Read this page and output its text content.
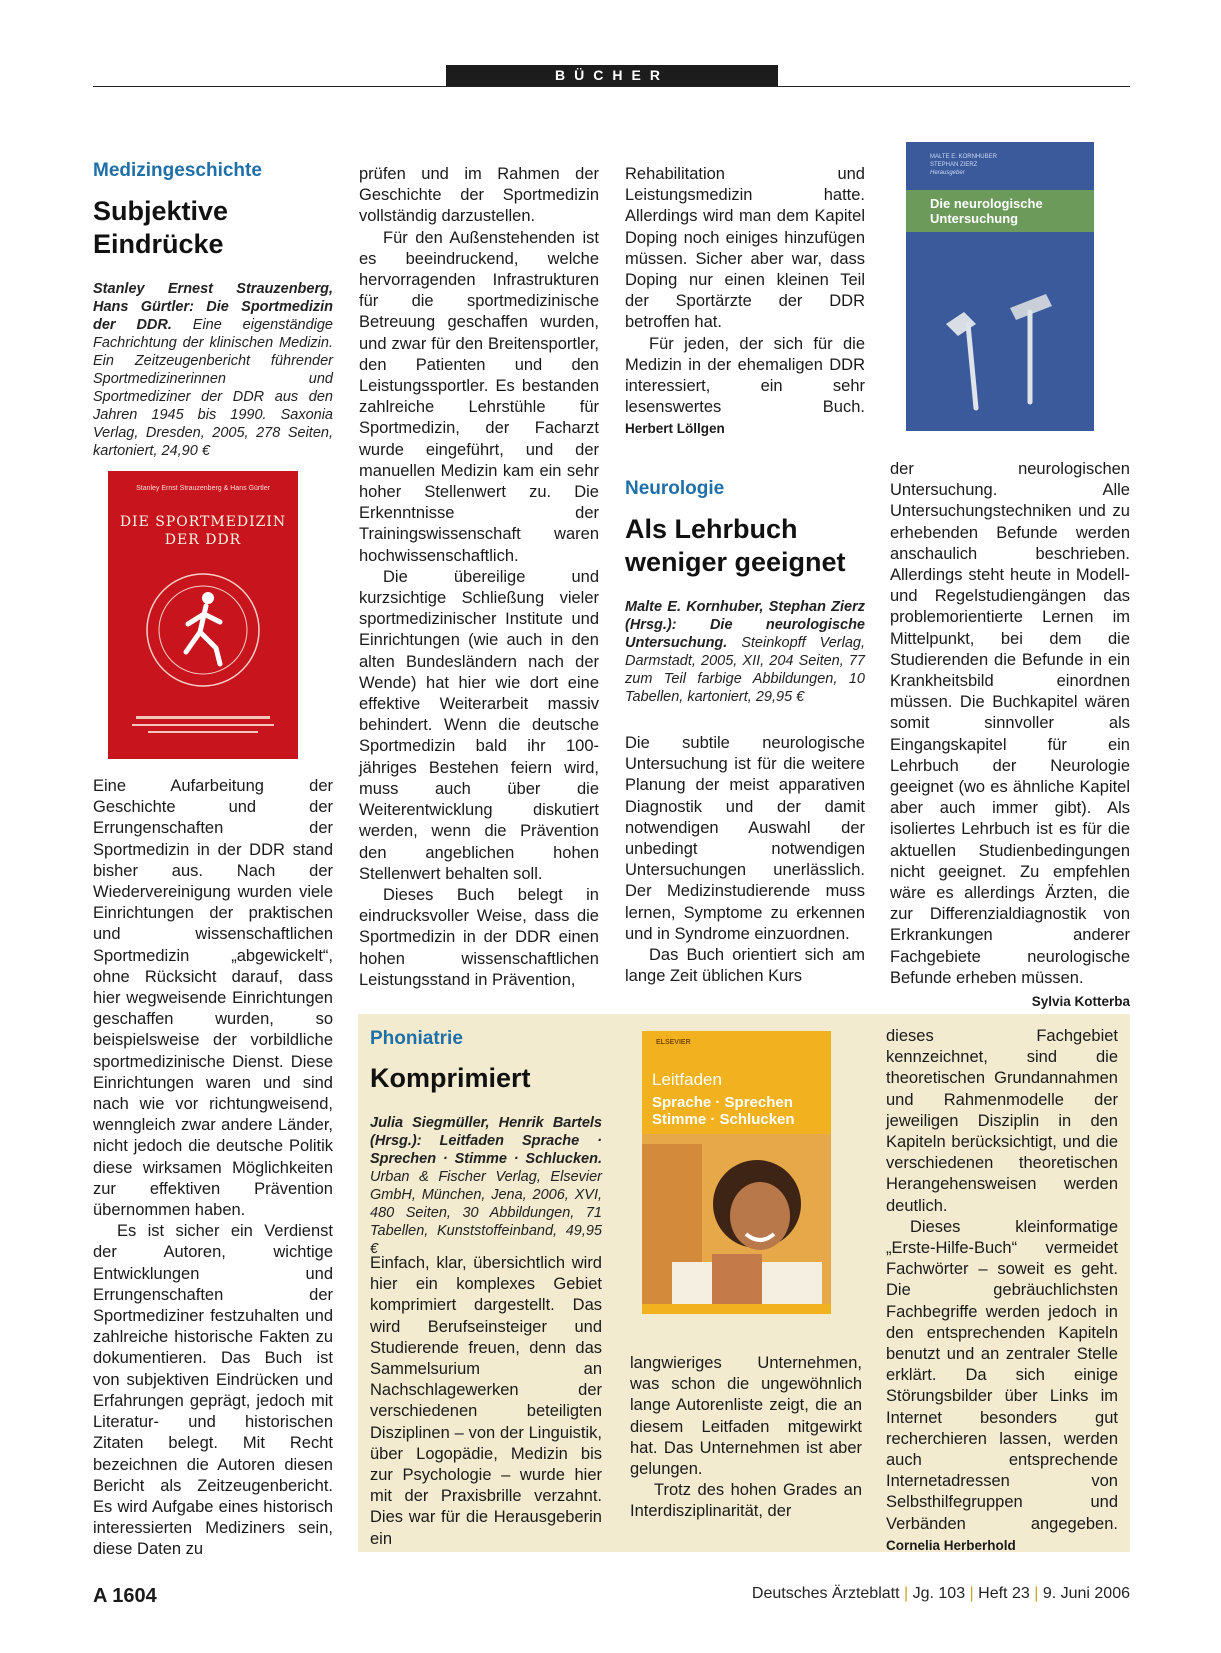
BÜCHER
Medizingeschichte
Subjektive
Eindrücke
Stanley Ernest Strauzenberg, Hans Gürtler: Die Sportmedizin der DDR. Eine eigenständige Fachrichtung der klinischen Medizin. Ein Zeitzeugenbericht führender Sportmedizinerinnen und Sportmediziner der DDR aus den Jahren 1945 bis 1990. Saxonia Verlag, Dresden, 2005, 278 Seiten, kartoniert, 24,90 €
Stanley Ernst Strauzenberg & Hans Gürtler
DIE SPORTMEDIZIN
DER DDR

Eine Aufarbeitung der Geschichte und der Errungenschaften der Sportmedizin in der DDR stand bisher aus. Nach der Wiedervereinigung wurden viele Einrichtungen der praktischen und wissenschaftlichen Sportmedizin „abgewickelt“, ohne Rücksicht darauf, dass hier wegweisende Einrichtungen geschaffen wurden, so beispielsweise der vorbildliche sportmedizinische Dienst. Diese Einrichtungen waren und sind nach wie vor richtungweisend, wenngleich zwar andere Länder, nicht jedoch die deutsche Politik diese wirksamen Möglichkeiten zur effektiven Prävention übernommen haben.

Es ist sicher ein Verdienst der Autoren, wichtige Entwicklungen und Errungenschaften der Sportmediziner festzuhalten und zahlreiche historische Fakten zu dokumentieren. Das Buch ist von subjektiven Eindrücken und Erfahrungen geprägt, jedoch mit Literatur- und historischen Zitaten belegt. Mit Recht bezeichnen die Autoren diesen Bericht als Zeitzeugenbericht. Es wird Aufgabe eines historisch interessierten Mediziners sein, diese Daten zu

prüfen und im Rahmen der Geschichte der Sportmedizin vollständig darzustellen.

Für den Außenstehenden ist es beeindruckend, welche hervorragenden Infrastrukturen für die sportmedizinische Betreuung geschaffen wurden, und zwar für den Breitensportler, den Patienten und den Leistungssportler. Es bestanden zahlreiche Lehrstühle für Sportmedizin, der Facharzt wurde eingeführt, und der manuellen Medizin kam ein sehr hoher Stellenwert zu. Die Erkenntnisse der Trainingswissenschaft waren hochwissenschaftlich.

Die übereilige und kurzsichtige Schließung vieler sportmedizinischer Institute und Einrichtungen (wie auch in den alten Bundesländern nach der Wende) hat hier wie dort eine effektive Weiterarbeit massiv behindert. Wenn die deutsche Sportmedizin bald ihr 100-jähriges Bestehen feiern wird, muss auch über die Weiterentwicklung diskutiert werden, wenn die Prävention den angeblichen hohen Stellenwert behalten soll.

Dieses Buch belegt in eindrucksvoller Weise, dass die Sportmedizin in der DDR einen hohen wissenschaftlichen Leistungsstand in Prävention,

Rehabilitation und Leistungsmedizin hatte. Allerdings wird man dem Kapitel Doping noch einiges hinzufügen müssen. Sicher aber war, dass Doping nur einen kleinen Teil der Sportärzte der DDR betroffen hat.

Für jeden, der sich für die Medizin in der ehemaligen DDR interessiert, ein sehr lesenswertes Buch. Herbert Löllgen

MALTE E. KORNHUBER
STEPHAN ZIERZ
Herausgeber
Die neurologische
Untersuchung
Neurologie
Als Lehrbuch
weniger geeignet
Malte E. Kornhuber, Stephan Zierz (Hrsg.): Die neurologische Untersuchung. Steinkopff Verlag, Darmstadt, 2005, XII, 204 Seiten, 77 zum Teil farbige Abbildungen, 10 Tabellen, kartoniert, 29,95 €

Die subtile neurologische Untersuchung ist für die weitere Planung der meist apparativen Diagnostik und der damit notwendigen Auswahl der unbedingt notwendigen Untersuchungen unerlässlich. Der Medizinstudierende muss lernen, Symptome zu erkennen und in Syndrome einzuordnen.

Das Buch orientiert sich am lange Zeit üblichen Kurs

der neurologischen Untersuchung. Alle Untersuchungstechniken und zu erhebenden Befunde werden anschaulich beschrieben. Allerdings steht heute in Modell- und Regelstudiengängen das problemorientierte Lernen im Mittelpunkt, bei dem die Studierenden die Befunde in ein Krankheitsbild einordnen müssen. Die Buchkapitel wären somit sinnvoller als Eingangskapitel für ein Lehrbuch der Neurologie geeignet (wo es ähnliche Kapitel aber auch immer gibt). Als isoliertes Lehrbuch ist es für die aktuellen Studienbedingungen nicht geeignet. Zu empfehlen wäre es allerdings Ärzten, die zur Differenzialdiagnostik von Erkrankungen anderer Fachgebiete neurologische Befunde erheben müssen.
Sylvia Kotterba

Phoniatrie
Komprimiert
Julia Siegmüller, Henrik Bartels (Hrsg.): Leitfaden Sprache · Sprechen · Stimme · Schlucken. Urban & Fischer Verlag, Elsevier GmbH, München, Jena, 2006, XVI, 480 Seiten, 30 Abbildungen, 71 Tabellen, Kunststoffeinband, 49,95 €
ELSEVIER
Leitfaden
Sprache · Sprechen
Stimme · Schlucken

Einfach, klar, übersichtlich wird hier ein komplexes Gebiet komprimiert dargestellt. Das wird Berufseinsteiger und Studierende freuen, denn das Sammelsurium an Nachschlagewerken der verschiedenen beteiligten Disziplinen – von der Linguistik, über Logopädie, Medizin bis zur Psychologie – wurde hier mit der Praxisbrille verzahnt. Dies war für die Herausgeberin ein

langwieriges Unternehmen, was schon die ungewöhnlich lange Autorenliste zeigt, die an diesem Leitfaden mitgewirkt hat. Das Unternehmen ist aber gelungen.

Trotz des hohen Grades an Interdisziplinarität, der

dieses Fachgebiet kennzeichnet, sind die theoretischen Grundannahmen und Rahmenmodelle der jeweiligen Disziplin in den Kapiteln berücksichtigt, und die verschiedenen theoretischen Herangehensweisen werden deutlich.

Dieses kleinformatige „Erste-Hilfe-Buch“ vermeidet Fachwörter – soweit es geht. Die gebräuchlichsten Fachbegriffe werden jedoch in den entsprechenden Kapiteln benutzt und an zentraler Stelle erklärt. Da sich einige Störungsbilder über Links im Internet besonders gut recherchieren lassen, werden auch entsprechende Internetadressen von Selbsthilfegruppen und Verbänden angegeben. Cornelia Herberhold

A 1604	Deutsches Ärzteblatt | Jg. 103 | Heft 23 | 9. Juni 2006
